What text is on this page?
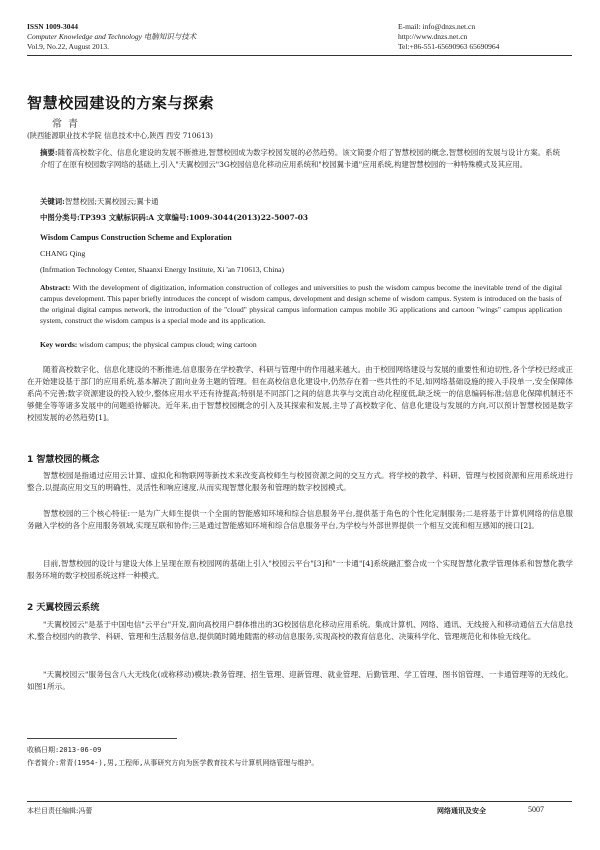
ISSN 1009-3044
Computer Knowledge and Technology 电脑知识与技术
Vol.9, No.22, August 2013.
E-mail: info@dnzs.net.cn
http://www.dnzs.net.cn
Tel:+86-551-65690963 65690964
智慧校园建设的方案与探索
常青
(陕西能源职业技术学院 信息技术中心,陕西 西安 710613)
摘要:随着高校数字化、信息化建设的发展不断推进,智慧校园成为数字校园发展的必然趋势。该文简要介绍了智慧校园的概念,智慧校园的发展与设计方案。系统介绍了在原有校园数字网络的基础上,引入"天翼校园云"3G校园信息化移动应用系统和"校园翼卡通"应用系统,构建智慧校园的一种特殊模式及其应用。
关键词:智慧校园;天翼校园云;翼卡通
中图分类号:TP393 文献标识码:A 文章编号:1009-3044(2013)22-5007-03
Wisdom Campus Construction Scheme and Exploration
CHANG Qing
(Infrmation Technology Center, Shaanxi Energy Institute, Xi 'an 710613, China)
Abstract: With the development of digitization, information construction of colleges and universities to push the wisdom campus become the inevitable trend of the digital campus development. This paper briefly introduces the concept of wisdom campus, development and design scheme of wisdom campus. System is introduced on the basis of the original digital campus network, the introduction of the "cloud" physical campus information campus mobile 3G applications and cartoon "wings" campus application system, construct the wisdom campus is a special mode and its application.
Key words: wisdom campus; the physical campus cloud; wing cartoon
随着高校数字化、信息化建设的不断推进,信息服务在学校教学、科研与管理中的作用越来越大。由于校园网络建设与发展的重要性和迫切性,各个学校已经或正在开始建设基于部门的应用系统,基本解决了面向业务主题的管理。但在高校信息化建设中,仍然存在着一些共性的不足,如网络基础设施的接入手段单一,安全保障体系尚不完善;数字资源建设的投入较少,整体应用水平还有待提高;特别是不同部门之间的信息共享与交流自动化程度低,缺乏统一的信息编码标准;信息化保障机制还不够健全等等诸多发展中的问题亟待解决。近年来,由于智慧校园概念的引入及其探索和发展,主导了高校数字化、信息化建设与发展的方向,可以预计智慧校园是数字校园发展的必然趋势[1]。
1 智慧校园的概念
智慧校园是指通过应用云计算、虚拟化和物联网等新技术来改变高校师生与校园资源之间的交互方式。将学校的教学、科研、管理与校园资源和应用系统进行整合,以提高应用交互的明确性、灵活性和响应速度,从而实现智慧化服务和管理的数字校园模式。
智慧校园的三个核心特征:一是为广大师生提供一个全面的智能感知环境和综合信息服务平台,提供基于角色的个性化定制服务;二是将基于计算机网络的信息服务融入学校的各个应用服务领域,实现互联和协作;三是通过智能感知环境和综合信息服务平台,为学校与外部世界提供一个相互交流和相互感知的接口[2]。
目前,智慧校园的设计与建设大体上呈现在原有校园网的基础上引入"校园云平台"[3]和"一卡通"[4]系统融汇整合成一个实现智慧化教学管理体系和智慧化教学服务环境的数字校园系统这样一种模式。
2 天翼校园云系统
"天翼校园云"是基于中国电信"云平台"开发,面向高校用户群体推出的3G校园信息化移动应用系统。集成计算机、网络、通讯、无线接入和移动通信五大信息技术,整合校园内的教学、科研、管理和生活服务信息,提供随时随地随需的移动信息服务,实现高校的教育信息化、决策科学化、管理规范化和体验无线化。
"天翼校园云"服务包含八大无线化(或称移动)模块:教务管理、招生管理、迎新管理、就业管理、后勤管理、学工管理、图书馆管理、一卡通管理等的无线化。如图1所示。
收稿日期:2013-06-09
作者简介:常青(1954-),男,工程师,从事研究方向为医学教育技术与计算机网络管理与维护。
本栏目责任编辑:冯蕾	网络通讯及安全	5007
